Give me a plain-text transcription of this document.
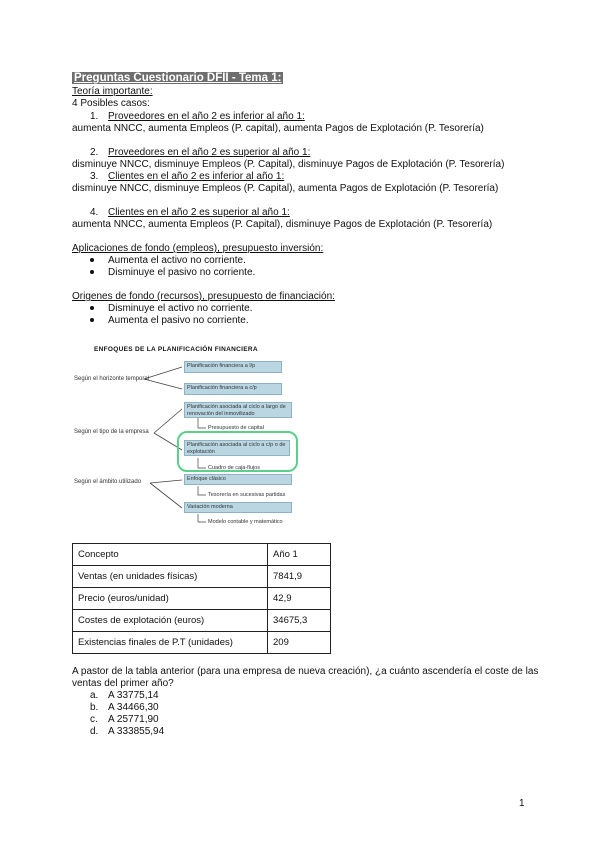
Preguntas Cuestionario DFII - Tema 1:
Teoría importante:
4 Posibles casos:
1. Proveedores en el año 2 es inferior al año 1:
aumenta NNCC, aumenta Empleos (P. capital), aumenta Pagos de Explotación (P. Tesorería)
2. Proveedores en el año 2 es superior al año 1:
disminuye NNCC, disminuye Empleos (P. Capital), disminuye Pagos de Explotación (P. Tesorería)
3. Clientes en el año 2 es inferior al año 1:
disminuye NNCC, disminuye Empleos (P. Capital), aumenta Pagos de Explotación (P. Tesorería)
4. Clientes en el año 2 es superior al año 1:
aumenta NNCC, aumenta Empleos (P. Capital), disminuye Pagos de Explotación (P. Tesorería)
Aplicaciones de fondo (empleos), presupuesto inversión:
Aumenta el activo no corriente.
Disminuye el pasivo no corriente.
Origenes de fondo (recursos), presupuesto de financiación:
Disminuye el activo no corriente.
Aumenta el pasivo no corriente.
ENFOQUES DE LA PLANIFICACIÓN FINANCIERA
Según el horizonte temporal
Según el tipo de la empresa
Según el ámbito utilizado
Planificación financiera a l/p
Planificación financiera a c/p
Planificación asociada al ciclo a largo de renovación del inmovilizado
Planificación asociada al ciclo a c/p o de explotación
Enfoque clásico
Variación moderna
Presupuesto de capital
Cuadro de caja-flujos
Tesorería en sucesivas partidas
Modelo contable y matemático
Concepto	Año 1
Ventas (en unidades físicas)	7841,9
Precio (euros/unidad)	42,9
Costes de explotación (euros)	34675,3
Existencias finales de P.T (unidades)	209
A pastor de la tabla anterior (para una empresa de nueva creación), ¿a cuánto ascendería el coste de las ventas del primer año?
a. A 33775,14
b. A 34466,30
c. A 25771,90
d. A 333855,94
1
